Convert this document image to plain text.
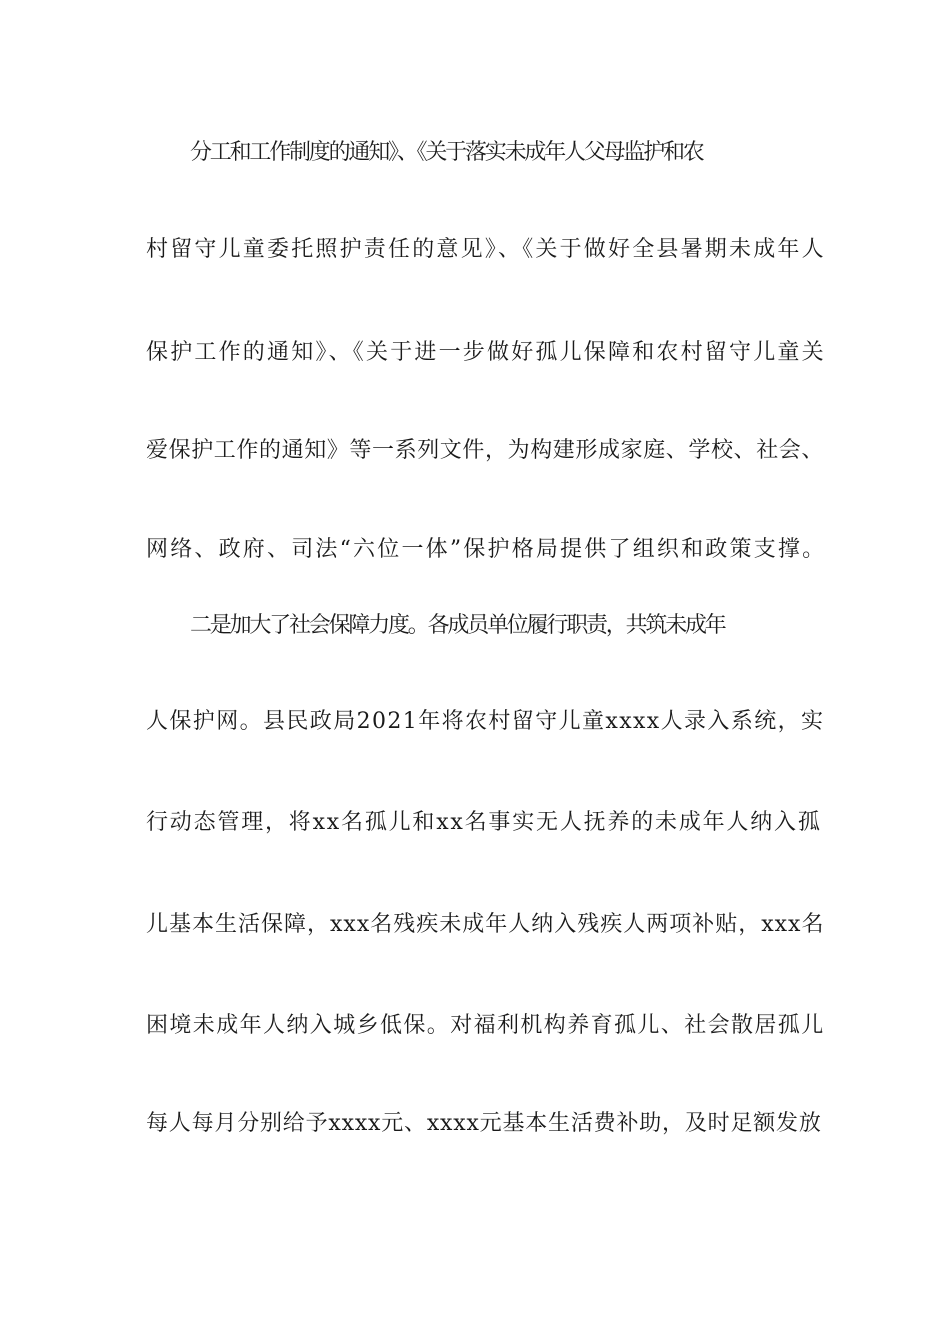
分工和工作制度的通知》、《关于落实未成年人父母监护和农
村留守儿童委托照护责任的意见》、《关于做好全县暑期未成年人
保护工作的通知》、《关于进一步做好孤儿保障和农村留守儿童关
爱保护工作的通知》等一系列文件，为构建形成家庭、学校、社会、
网络、政府、司法“六位一体”保护格局提供了组织和政策支撑。
二是加大了社会保障力度。各成员单位履行职责，共筑未成年
人保护网。县民政局2021年将农村留守儿童xxxx人录入系统，实
行动态管理，将xx名孤儿和xx名事实无人抚养的未成年人纳入孤
儿基本生活保障，xxx名残疾未成年人纳入残疾人两项补贴，xxx名
困境未成年人纳入城乡低保。对福利机构养育孤儿、社会散居孤儿
每人每月分别给予xxxx元、xxxx元基本生活费补助，及时足额发放
